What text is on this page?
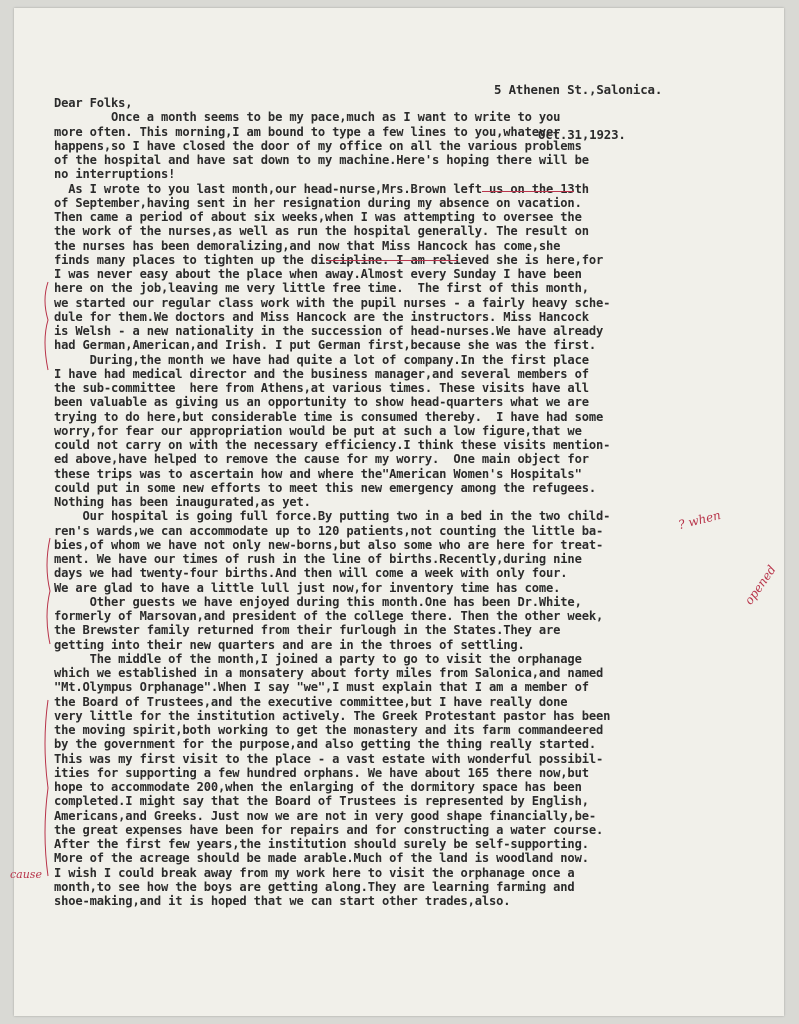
5 Athenen St.,Salonica.

Oct.31,1923.

Dear Folks,
Once a month seems to be my pace,much as I want to write to you
more often. This morning,I am bound to type a few lines to you,whatever
happens,so I have closed the door of my office on all the various problems
of the hospital and have sat down to my machine.Here's hoping there will be
no interruptions!
As I wrote to you last month,our head-nurse,Mrs.Brown left us on the 13th
of September,having sent in her resignation during my absence on vacation.
Then came a period of about six weeks,when I was attempting to oversee the
the work of the nurses,as well as run the hospital generally. The result on
the nurses has been demoralizing,and now that Miss Hancock has come,she
finds many places to tighten up the discipline. I am relieved she is here,for
I was never easy about the place when away.Almost every Sunday I have been
here on the job,leaving me very little free time.  The first of this month,
we started our regular class work with the pupil nurses - a fairly heavy sche-
dule for them.We doctors and Miss Hancock are the instructors. Miss Hancock
is Welsh - a new nationality in the succession of head-nurses.We have already
had German,American,and Irish. I put German first,because she was the first.
During,the month we have had quite a lot of company.In the first place
I have had medical director and the business manager,and several members of
the sub-committee  here from Athens,at various times. These visits have all
been valuable as giving us an opportunity to show head-quarters what we are
trying to do here,but considerable time is consumed thereby.  I have had some
worry,for fear our appropriation would be put at such a low figure,that we
could not carry on with the necessary efficiency.I think these visits mention-
ed above,have helped to remove the cause for my worry.  One main object for
these trips was to ascertain how and where the"American Women's Hospitals"
could put in some new efforts to meet this new emergency among the refugees.
Nothing has been inaugurated,as yet.
Our hospital is going full force.By putting two in a bed in the two child-
ren's wards,we can accommodate up to 120 patients,not counting the little ba-
bies,of whom we have not only new-borns,but also some who are here for treat-
ment. We have our times of rush in the line of births.Recently,during nine
days we had twenty-four births.And then will come a week with only four.
We are glad to have a little lull just now,for inventory time has come.
Other guests we have enjoyed during this month.One has been Dr.White,
formerly of Marsovan,and president of the college there. Then the other week,
the Brewster family returned from their furlough in the States.They are
getting into their new quarters and are in the throes of settling.
The middle of the month,I joined a party to go to visit the orphanage
which we established in a monsatery about forty miles from Salonica,and named
"Mt.Olympus Orphanage".When I say "we",I must explain that I am a member of
the Board of Trustees,and the executive committee,but I have really done
very little for the institution actively. The Greek Protestant pastor has been
the moving spirit,both working to get the monastery and its farm commandeered
by the government for the purpose,and also getting the thing really started.
This was my first visit to the place - a vast estate with wonderful possibil-
ities for supporting a few hundred orphans. We have about 165 there now,but
hope to accommodate 200,when the enlarging of the dormitory space has been
completed.I might say that the Board of Trustees is represented by English,
Americans,and Greeks. Just now we are not in very good shape financially,be-
the great expenses have been for repairs and for constructing a water course.
After the first few years,the institution should surely be self-supporting.
More of the acreage should be made arable.Much of the land is woodland now.
I wish I could break away from my work here to visit the orphanage once a
month,to see how the boys are getting along.They are learning farming and
shoe-making,and it is hoped that we can start other trades,also.

? when
opened
cause
